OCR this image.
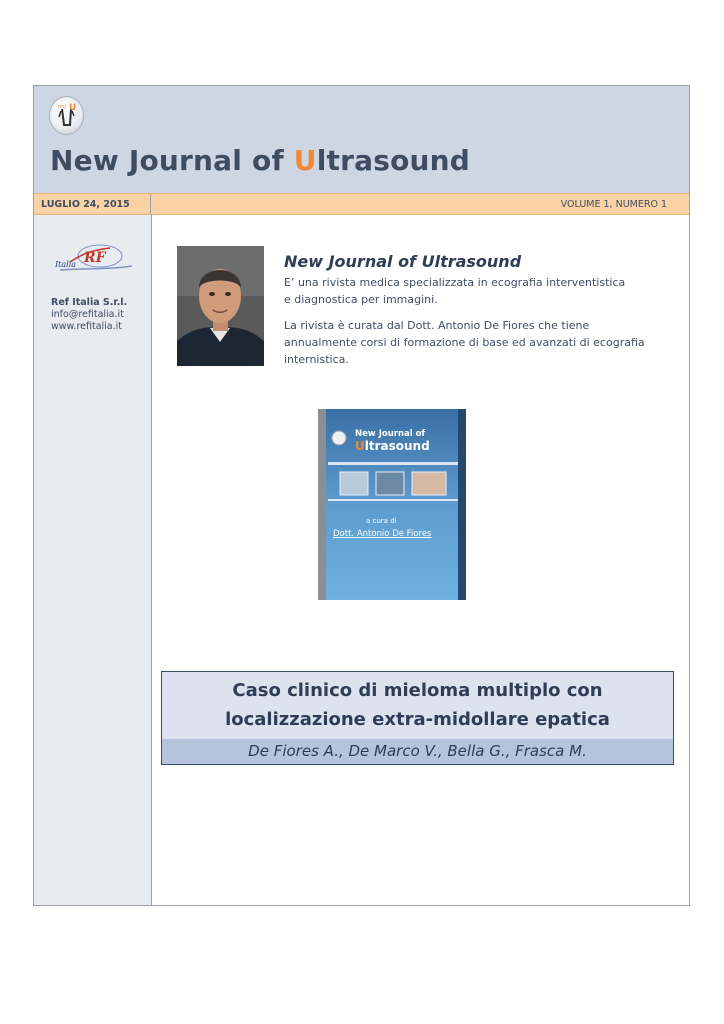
U
nnj
New Journal of Ultrasound
LUGLIO 24, 2015	VOLUME 1, NUMERO 1
RF
Italia
Ref Italia S.r.l.
info@refitalia.it
www.refitalia.it
New Journal of Ultrasound

E’ una rivista medica specializzata in ecografia interventistica
e diagnostica per immagini.

La rivista è curata dal Dott. Antonio De Fiores che tiene
annualmente corsi di formazione di base ed avanzati di ecografia
internistica.

New Journal of
Ultrasound
a cura di
Dott. Antonio De Fiores
Caso clinico di mieloma multiplo con
localizzazione extra-midollare epatica
De Fiores A., De Marco V., Bella G., Frasca M.
